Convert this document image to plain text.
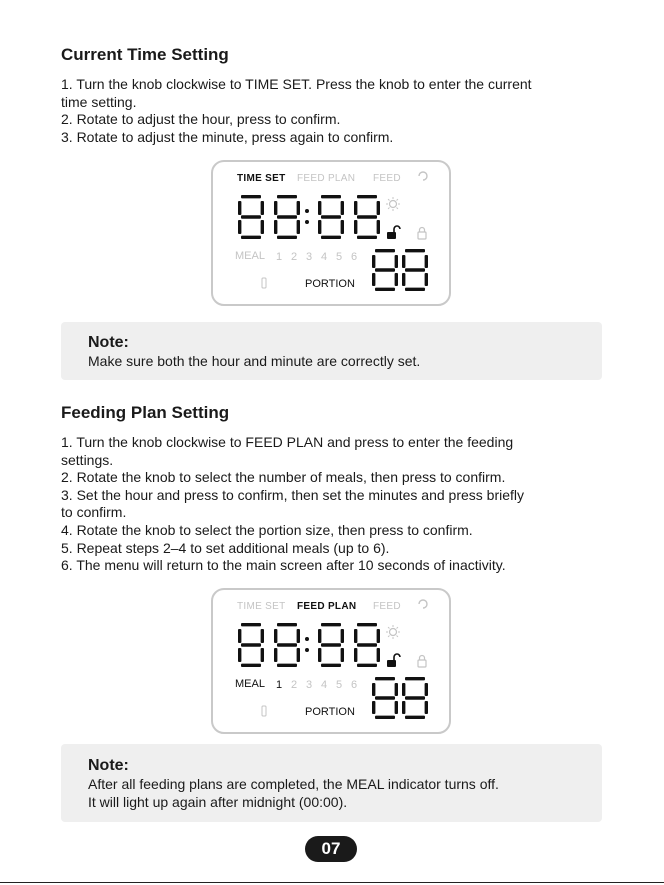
Current Time Setting
1. Turn the knob clockwise to TIME SET. Press the knob to enter the current
time setting.
2. Rotate to adjust the hour, press to confirm.
3. Rotate to adjust the minute, press again to confirm.
TIME SET FEED PLAN FEED
MEAL 1 2 3 4 5 6
PORTION
Note:
Make sure both the hour and minute are correctly set.
Feeding Plan Setting
1. Turn the knob clockwise to FEED PLAN and press to enter the feeding
settings.
2. Rotate the knob to select the number of meals, then press to confirm.
3. Set the hour and press to confirm, then set the minutes and press briefly
to confirm.
4. Rotate the knob to select the portion size, then press to confirm.
5. Repeat steps 2–4 to set additional meals (up to 6).
6. The menu will return to the main screen after 10 seconds of inactivity.
TIME SET FEED PLAN FEED
MEAL 1 2 3 4 5 6
PORTION
Note:
After all feeding plans are completed, the MEAL indicator turns off.
It will light up again after midnight (00:00).
07
